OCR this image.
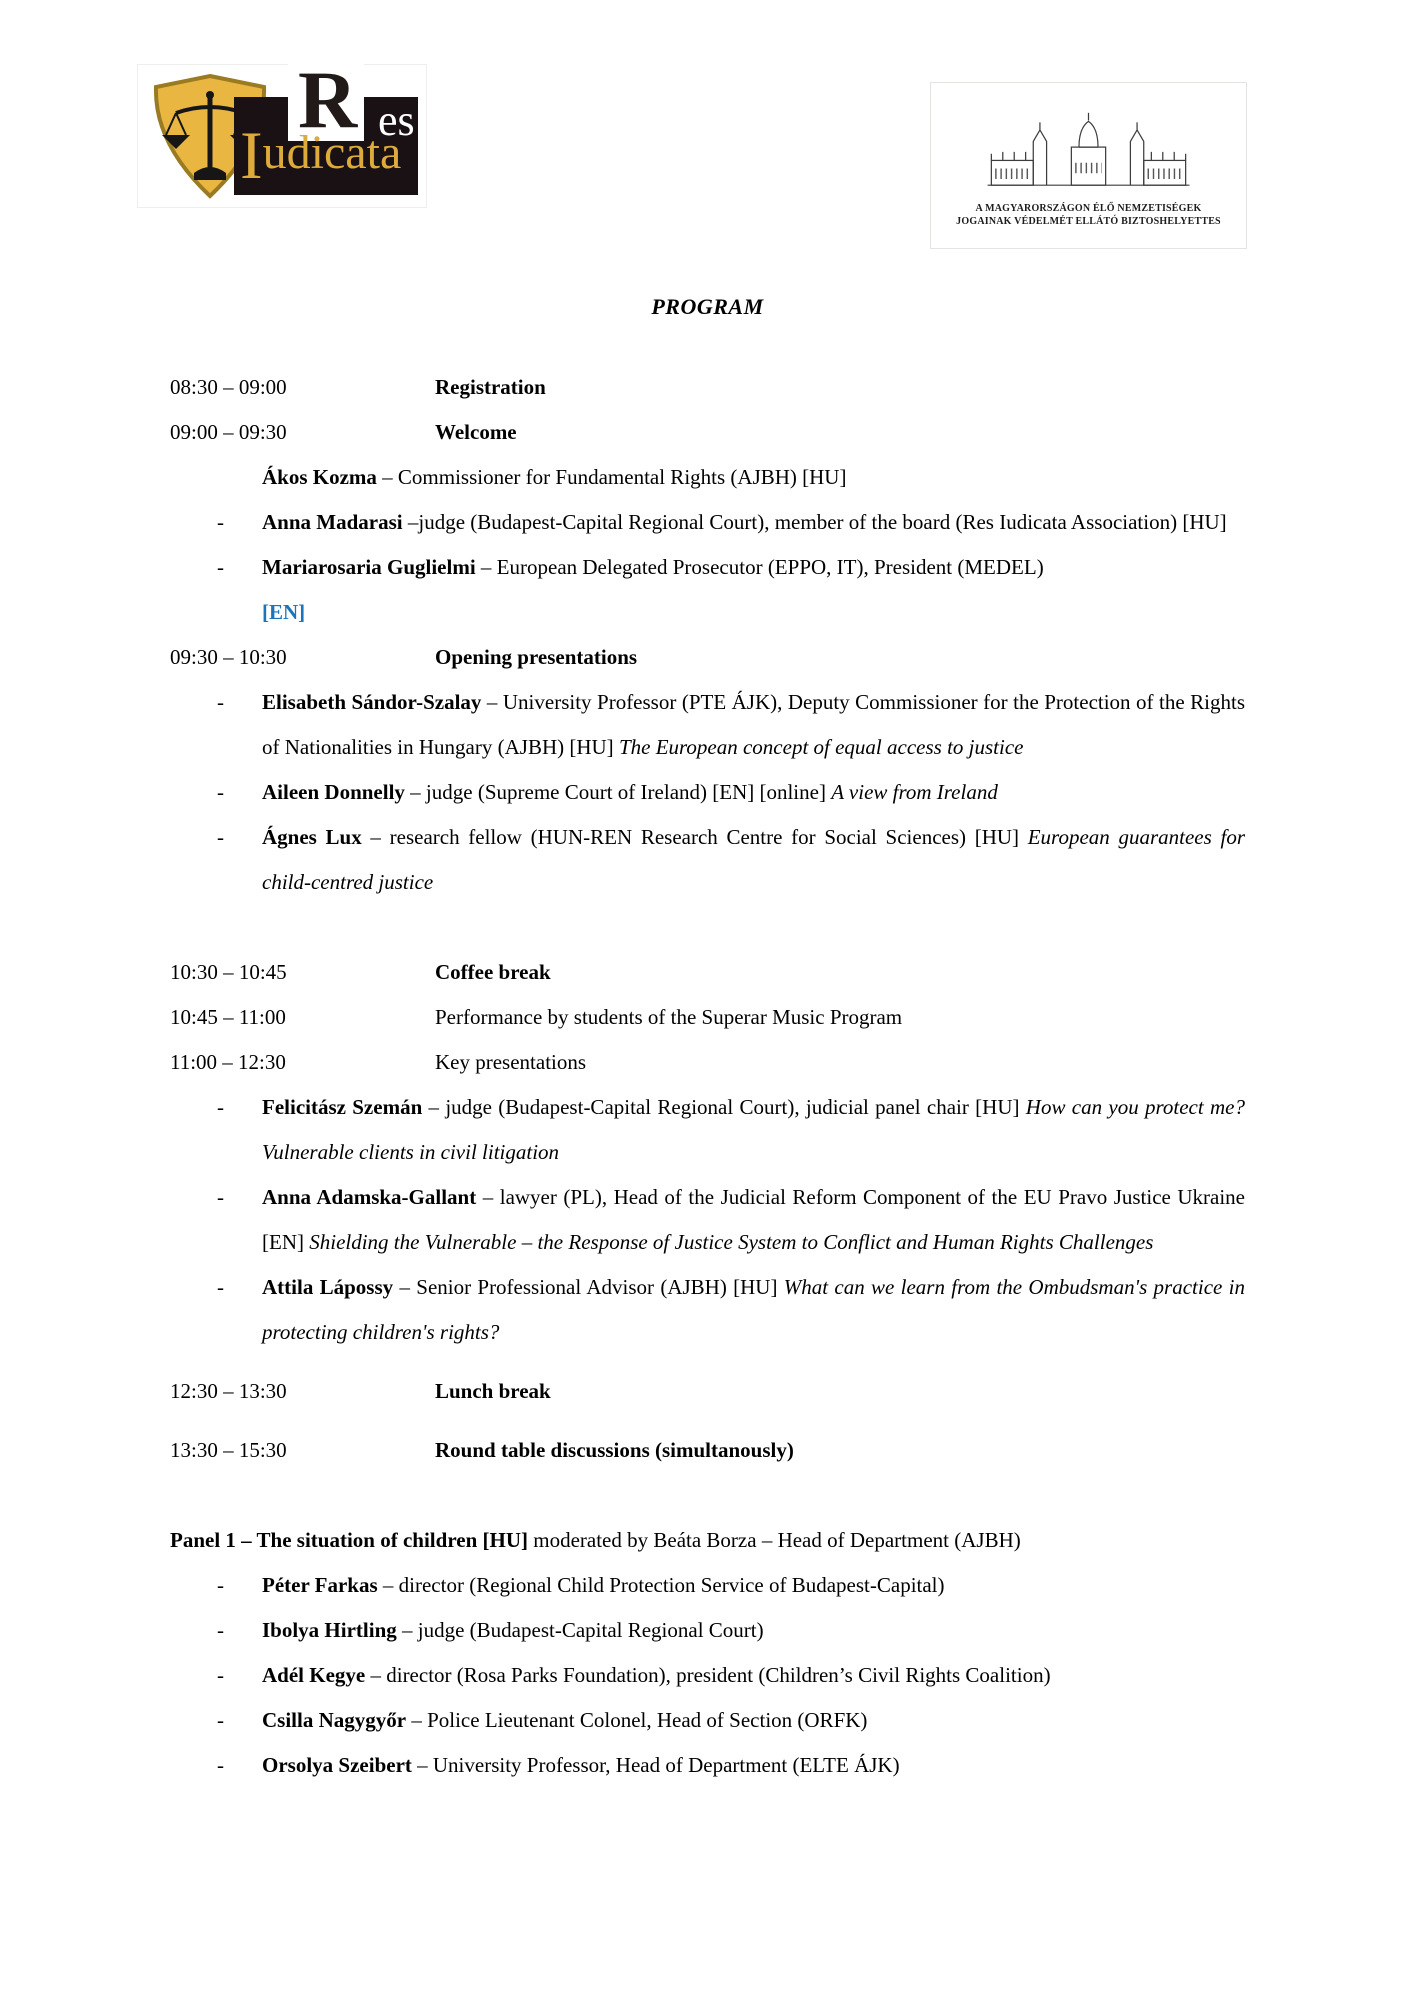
R es
Iudicata
A MAGYARORSZÁGON ÉLŐ NEMZETISÉGEK
JOGAINAK VÉDELMÉT ELLÁTÓ BIZTOSHELYETTES
PROGRAM
08:30 – 09:00	Registration
09:00 – 09:30	Welcome

Ákos Kozma – Commissioner for Fundamental Rights (AJBH) [HU]

-	Anna Madarasi –judge (Budapest-Capital Regional Court), member of the board (Res Iudicata Association) [HU]

-	Mariarosaria Guglielmi – European Delegated Prosecutor (EPPO, IT), President (MEDEL)
[EN]

09:30 – 10:30	Opening presentations
-	Elisabeth Sándor-Szalay – University Professor (PTE ÁJK), Deputy Commissioner for the Protection of the Rights of Nationalities in Hungary (AJBH) [HU] The European concept of equal access to justice

-	Aileen Donnelly – judge (Supreme Court of Ireland) [EN] [online] A view from Ireland

-	Ágnes Lux – research fellow (HUN-REN Research Centre for Social Sciences) [HU] European guarantees for child-centred justice

10:30 – 10:45	Coffee break
10:45 – 11:00	Performance by students of the Superar Music Program
11:00 – 12:30	Key presentations
-	Felicitász Szemán – judge (Budapest-Capital Regional Court), judicial panel chair [HU] How can you protect me? Vulnerable clients in civil litigation

-	Anna Adamska-Gallant – lawyer (PL), Head of the Judicial Reform Component of the EU Pravo Justice Ukraine [EN] Shielding the Vulnerable – the Response of Justice System to Conflict and Human Rights Challenges

-	Attila Lápossy – Senior Professional Advisor (AJBH) [HU] What can we learn from the Ombudsman's practice in protecting children's rights?

12:30 – 13:30	Lunch break
13:30 – 15:30	Round table discussions (simultanously)
Panel 1 – The situation of children [HU] moderated by Beáta Borza – Head of Department (AJBH)
-	Péter Farkas – director (Regional Child Protection Service of Budapest-Capital)

-	Ibolya Hirtling – judge (Budapest-Capital Regional Court)

-	Adél Kegye – director (Rosa Parks Foundation), president (Children’s Civil Rights Coalition)

-	Csilla Nagygyőr – Police Lieutenant Colonel, Head of Section (ORFK)

-	Orsolya Szeibert – University Professor, Head of Department (ELTE ÁJK)
